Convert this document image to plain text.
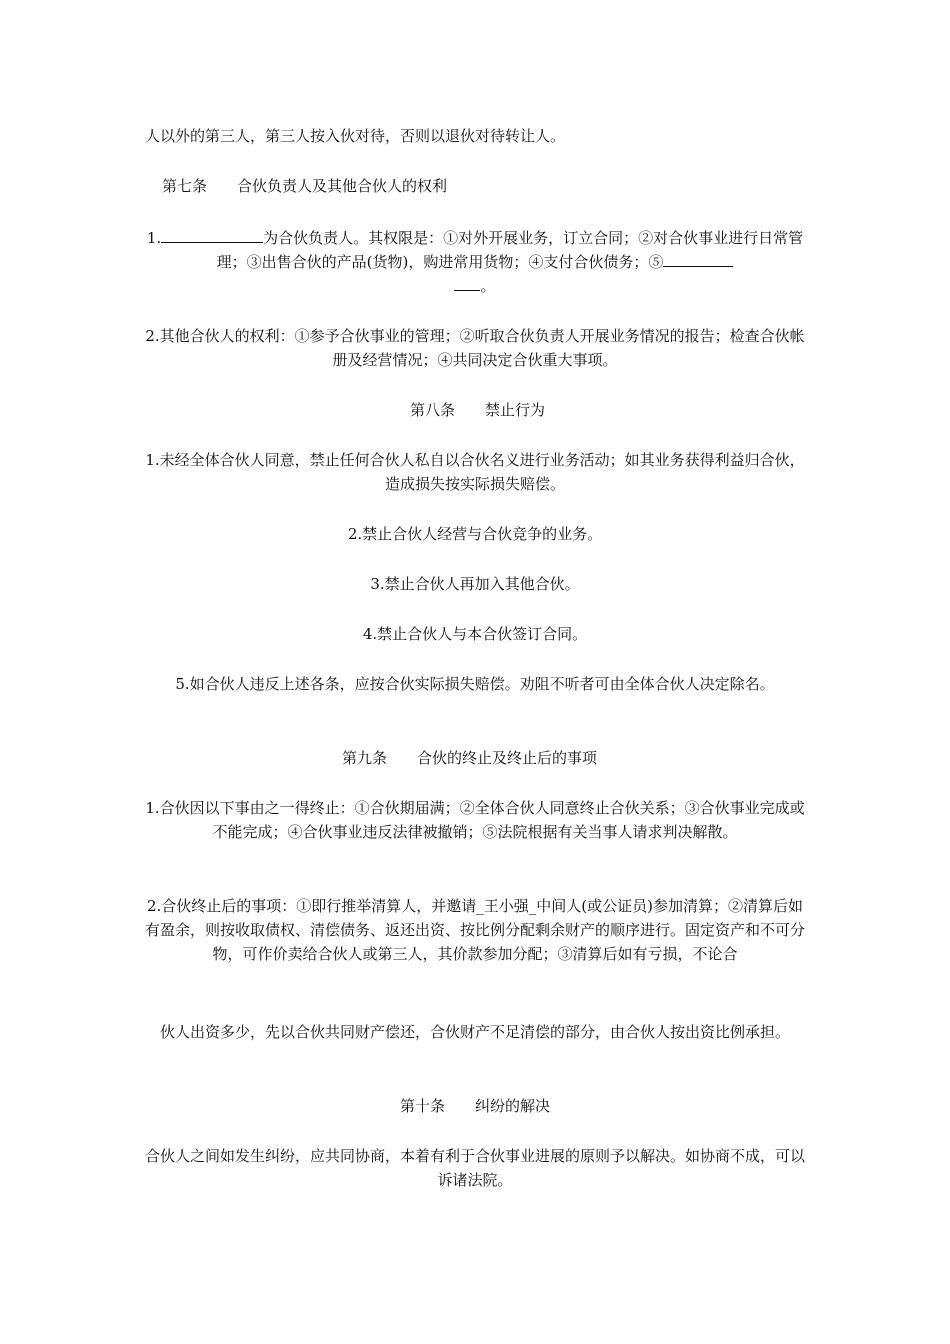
人以外的第三人，第三人按入伙对待，否则以退伙对待转让人。

第七条　　合伙负责人及其他合伙人的权利

1.	为合伙负责人。其权限是：①对外开展业务，订立合同；②对合伙事业进行日常管理；③出售合伙的产品(货物)，购进常用货物；④支付合伙债务；⑤
。

2.其他合伙人的权利：①参予合伙事业的管理；②听取合伙负责人开展业务情况的报告；检查合伙帐册及经营情况；④共同决定合伙重大事项。

第八条　　禁止行为

1.未经全体合伙人同意，禁止任何合伙人私自以合伙名义进行业务活动；如其业务获得利益归合伙，造成损失按实际损失赔偿。

2.禁止合伙人经营与合伙竞争的业务。

3.禁止合伙人再加入其他合伙。

4.禁止合伙人与本合伙签订合同。

5.如合伙人违反上述各条，应按合伙实际损失赔偿。劝阻不听者可由全体合伙人决定除名。

第九条　　合伙的终止及终止后的事项

1.合伙因以下事由之一得终止：①合伙期届满；②全体合伙人同意终止合伙关系；③合伙事业完成或不能完成；④合伙事业违反法律被撤销；⑤法院根据有关当事人请求判决解散。

2.合伙终止后的事项：①即行推举清算人，并邀请_王小强_中间人(或公证员)参加清算；②清算后如有盈余，则按收取债权、清偿债务、返还出资、按比例分配剩余财产的顺序进行。固定资产和不可分物，可作价卖给合伙人或第三人，其价款参加分配；③清算后如有亏损，不论合

伙人出资多少，先以合伙共同财产偿还，合伙财产不足清偿的部分，由合伙人按出资比例承担。

第十条　　纠纷的解决

合伙人之间如发生纠纷，应共同协商，本着有利于合伙事业进展的原则予以解决。如协商不成，可以诉诸法院。
